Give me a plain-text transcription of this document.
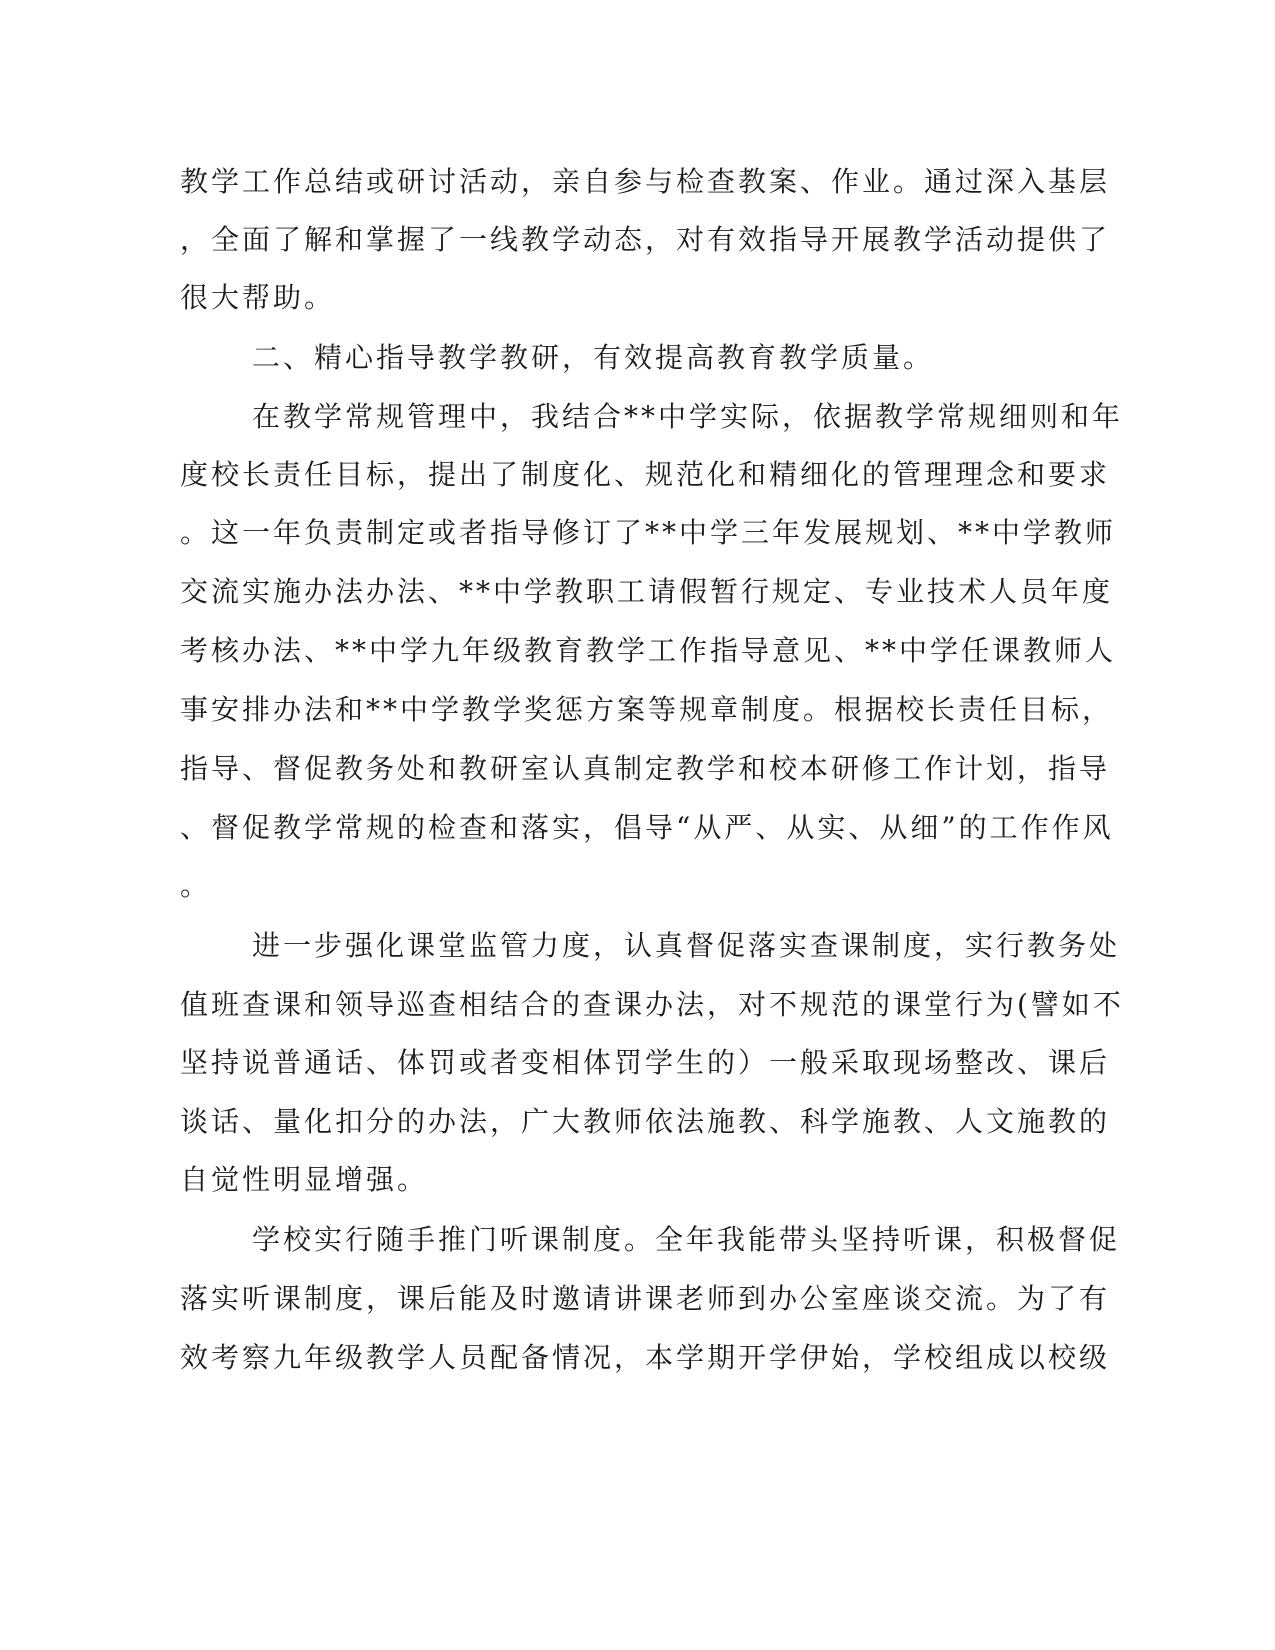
教学工作总结或研讨活动，亲自参与检查教案、作业。通过深入基层
，全面了解和掌握了一线教学动态，对有效指导开展教学活动提供了
很大帮助。
二、精心指导教学教研，有效提高教育教学质量。
在教学常规管理中，我结合**中学实际，依据教学常规细则和年
度校长责任目标，提出了制度化、规范化和精细化的管理理念和要求
。这一年负责制定或者指导修订了**中学三年发展规划、**中学教师
交流实施办法办法、**中学教职工请假暂行规定、专业技术人员年度
考核办法、**中学九年级教育教学工作指导意见、**中学任课教师人
事安排办法和**中学教学奖惩方案等规章制度。根据校长责任目标，
指导、督促教务处和教研室认真制定教学和校本研修工作计划，指导
、督促教学常规的检查和落实，倡导“从严、从实、从细”的工作作风
。
进一步强化课堂监管力度，认真督促落实查课制度，实行教务处
值班查课和领导巡查相结合的查课办法，对不规范的课堂行为(譬如不
坚持说普通话、体罚或者变相体罚学生的）一般采取现场整改、课后
谈话、量化扣分的办法，广大教师依法施教、科学施教、人文施教的
自觉性明显增强。
学校实行随手推门听课制度。全年我能带头坚持听课，积极督促
落实听课制度，课后能及时邀请讲课老师到办公室座谈交流。为了有
效考察九年级教学人员配备情况，本学期开学伊始，学校组成以校级
